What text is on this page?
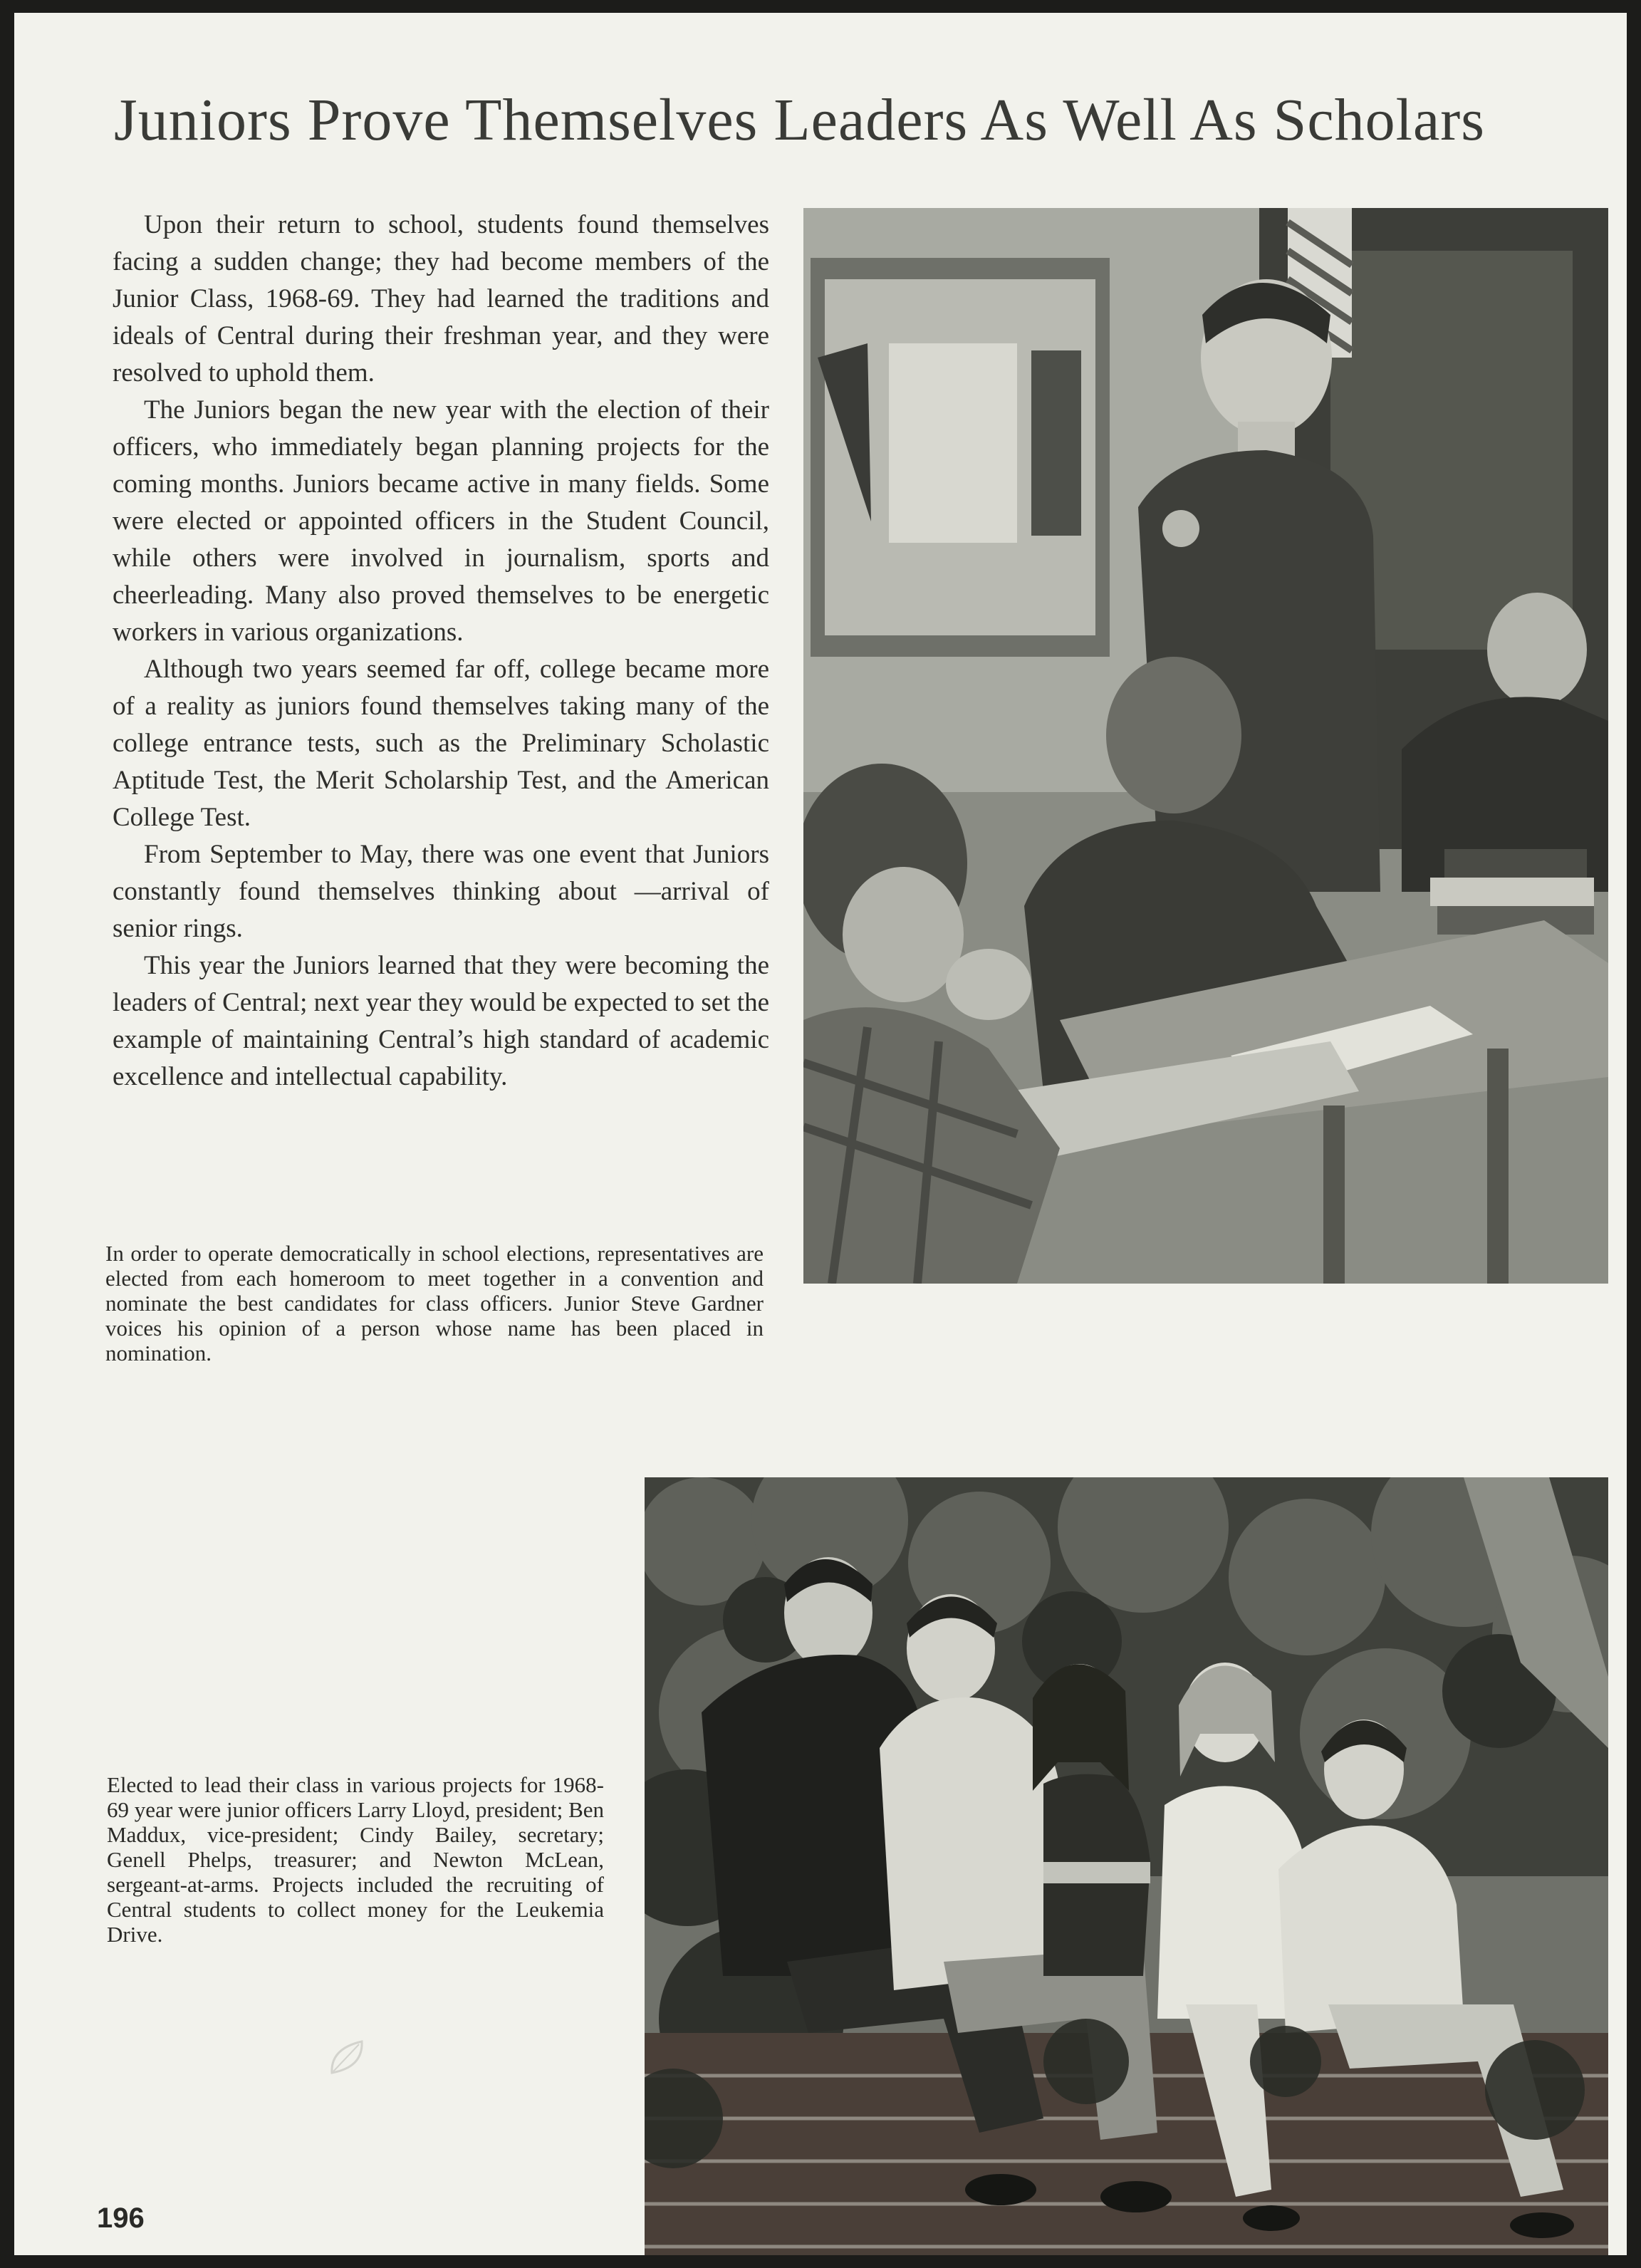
Juniors Prove Themselves Leaders As Well As Scholars

Upon their return to school, students found themselves facing a sudden change; they had become members of the Junior Class, 1968-69. They had learned the traditions and ideals of Central during their freshman year, and they were resolved to uphold them.

The Juniors began the new year with the election of their officers, who immediately began planning projects for the coming months. Juniors became active in many fields. Some were elected or appointed officers in the Student Council, while others were involved in journalism, sports and cheerleading. Many also proved themselves to be energetic workers in various organizations.

Although two years seemed far off, college became more of a reality as juniors found themselves taking many of the college entrance tests, such as the Preliminary Scholastic Aptitude Test, the Merit Scholarship Test, and the American College Test.

From September to May, there was one event that Juniors constantly found themselves thinking about —arrival of senior rings.

This year the Juniors learned that they were becoming the leaders of Central; next year they would be expected to set the example of maintaining Central’s high standard of academic excellence and intellectual capability.

In order to operate democratically in school elections, representatives are elected from each homeroom to meet together in a convention and nominate the best candidates for class officers. Junior Steve Gardner voices his opinion of a person whose name has been placed in nomination.

Elected to lead their class in various projects for 1968-69 year were junior officers Larry Lloyd, president; Ben Maddux, vice-president; Cindy Bailey, secretary; Genell Phelps, treasurer; and Newton McLean, sergeant-at-arms. Projects included the recruiting of Central students to collect money for the Leukemia Drive.

196
